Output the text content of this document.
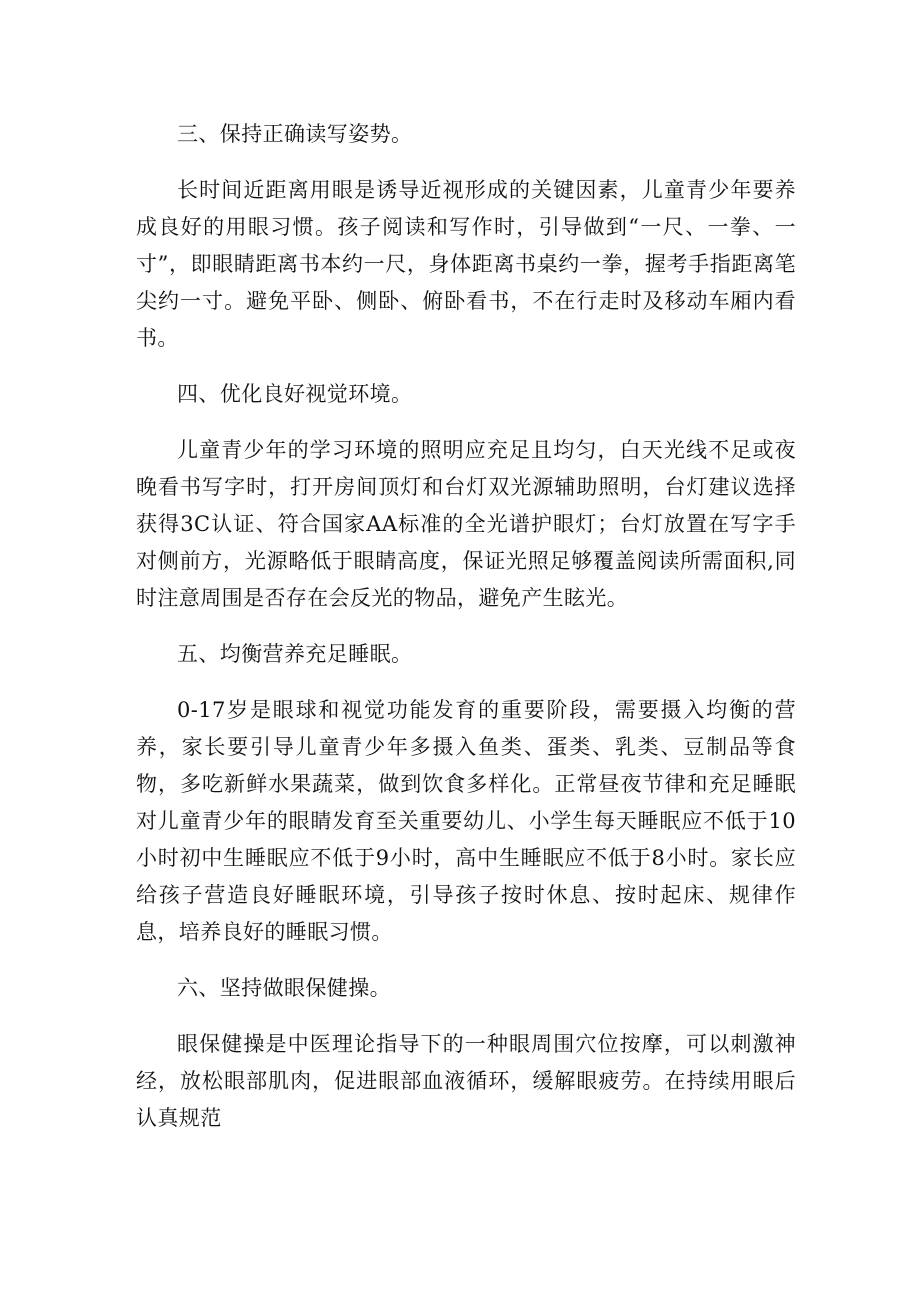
三、保持正确读写姿势。

长时间近距离用眼是诱导近视形成的关键因素，儿童青少年要养成良好的用眼习惯。孩子阅读和写作时，引导做到“一尺、一拳、一寸”，即眼睛距离书本约一尺，身体距离书桌约一拳，握考手指距离笔尖约一寸。避免平卧、侧卧、俯卧看书，不在行走时及移动车厢内看书。

四、优化良好视觉环境。

儿童青少年的学习环境的照明应充足且均匀，白天光线不足或夜晚看书写字时，打开房间顶灯和台灯双光源辅助照明，台灯建议选择获得3C认证、符合国家AA标准的全光谱护眼灯；台灯放置在写字手对侧前方，光源略低于眼睛高度，保证光照足够覆盖阅读所需面积,同时注意周围是否存在会反光的物品，避免产生眩光。

五、均衡营养充足睡眠。

0-17岁是眼球和视觉功能发育的重要阶段，需要摄入均衡的营养，家长要引导儿童青少年多摄入鱼类、蛋类、乳类、豆制品等食物，多吃新鲜水果蔬菜，做到饮食多样化。正常昼夜节律和充足睡眠对儿童青少年的眼睛发育至关重要幼儿、小学生每天睡眠应不低于10小时初中生睡眠应不低于9小时，高中生睡眠应不低于8小时。家长应给孩子营造良好睡眠环境，引导孩子按时休息、按时起床、规律作息，培养良好的睡眠习惯。

六、坚持做眼保健操。

眼保健操是中医理论指导下的一种眼周围穴位按摩，可以刺激神经，放松眼部肌肉，促进眼部血液循环，缓解眼疲劳。在持续用眼后认真规范
